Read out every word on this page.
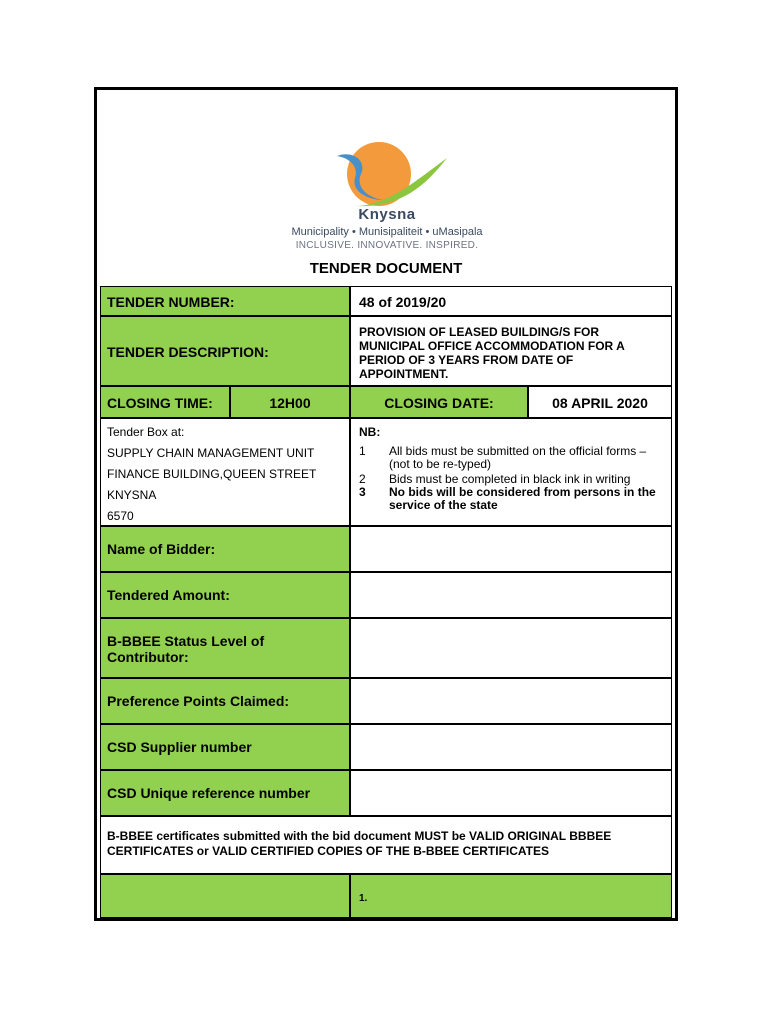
Knysna
Municipality • Munisipaliteit • uMasipala
INCLUSIVE. INNOVATIVE. INSPIRED.
TENDER DOCUMENT
TENDER NUMBER:	48 of 2019/20
TENDER DESCRIPTION:
PROVISION OF LEASED BUILDING/S FOR MUNICIPAL OFFICE ACCOMMODATION FOR A PERIOD OF 3 YEARS FROM DATE OF APPOINTMENT.
CLOSING TIME:	12H00	CLOSING DATE:	08 APRIL 2020
Tender Box at:
SUPPLY CHAIN MANAGEMENT UNIT
FINANCE BUILDING,QUEEN STREET
KNYSNA
6570
NB:
1	All bids must be submitted on the official forms – (not to be re-typed)
2	Bids must be completed in black ink in writing
3	No bids will be considered from persons in the service of the state
Name of Bidder:
Tendered Amount:
B-BBEE Status Level of Contributor:
Preference Points Claimed:
CSD Supplier number
CSD Unique reference number
B-BBEE certificates submitted with the bid document MUST be VALID ORIGINAL BBBEE CERTIFICATES or VALID CERTIFIED COPIES OF THE B-BBEE CERTIFICATES
1.
